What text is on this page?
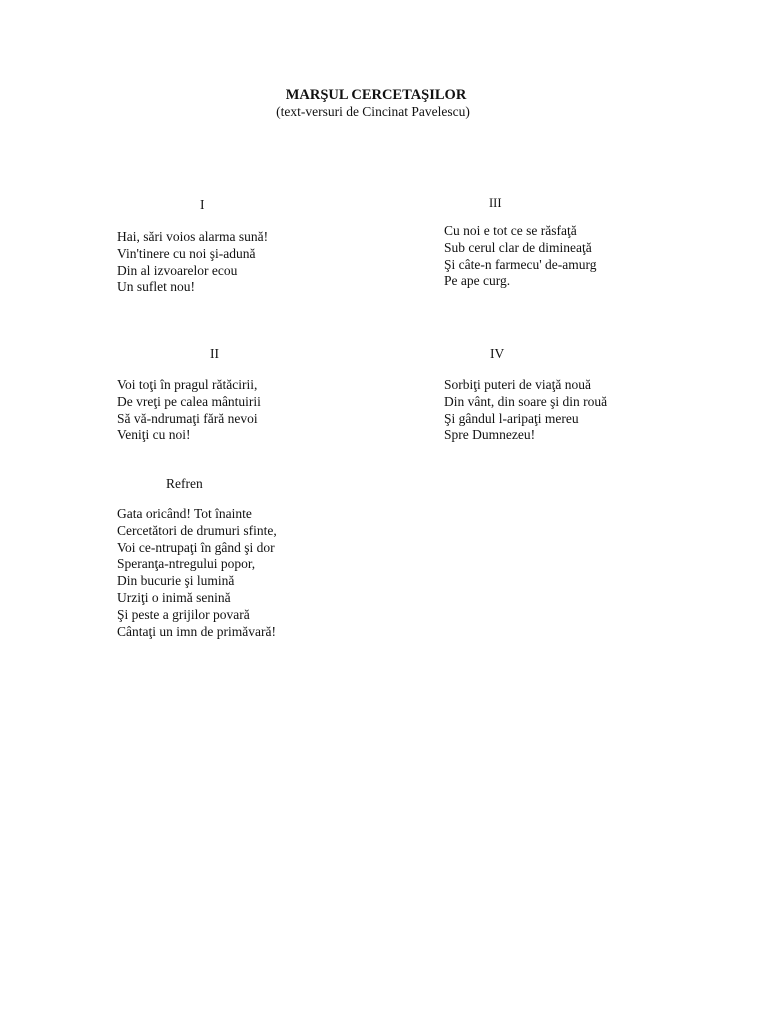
MARŞUL CERCETAŞILOR
(text-versuri de Cincinat Pavelescu)
I
Hai, sări voios alarma sună!
Vin'tinere cu noi şi-adună
Din al izvoarelor ecou
Un suflet nou!
III
Cu noi e tot ce se răsfaţă
Sub cerul clar de dimineaţă
Şi câte-n farmecu' de-amurg
Pe ape curg.
II
Voi toţi în pragul rătăcirii,
De vreţi pe calea mântuirii
Să vă-ndrumaţi fără nevoi
Veniţi cu noi!
IV
Sorbiţi puteri de viaţă nouă
Din vânt, din soare şi din rouă
Şi gândul l-aripaţi mereu
Spre Dumnezeu!
Refren
Gata oricând! Tot înainte
Cercetători de drumuri sfinte,
Voi ce-ntrupaţi în gând şi dor
Speranţa-ntregului popor,
Din bucurie şi lumină
Urziţi o inimă senină
Şi peste a grijilor povară
Cântaţi un imn de primăvară!
